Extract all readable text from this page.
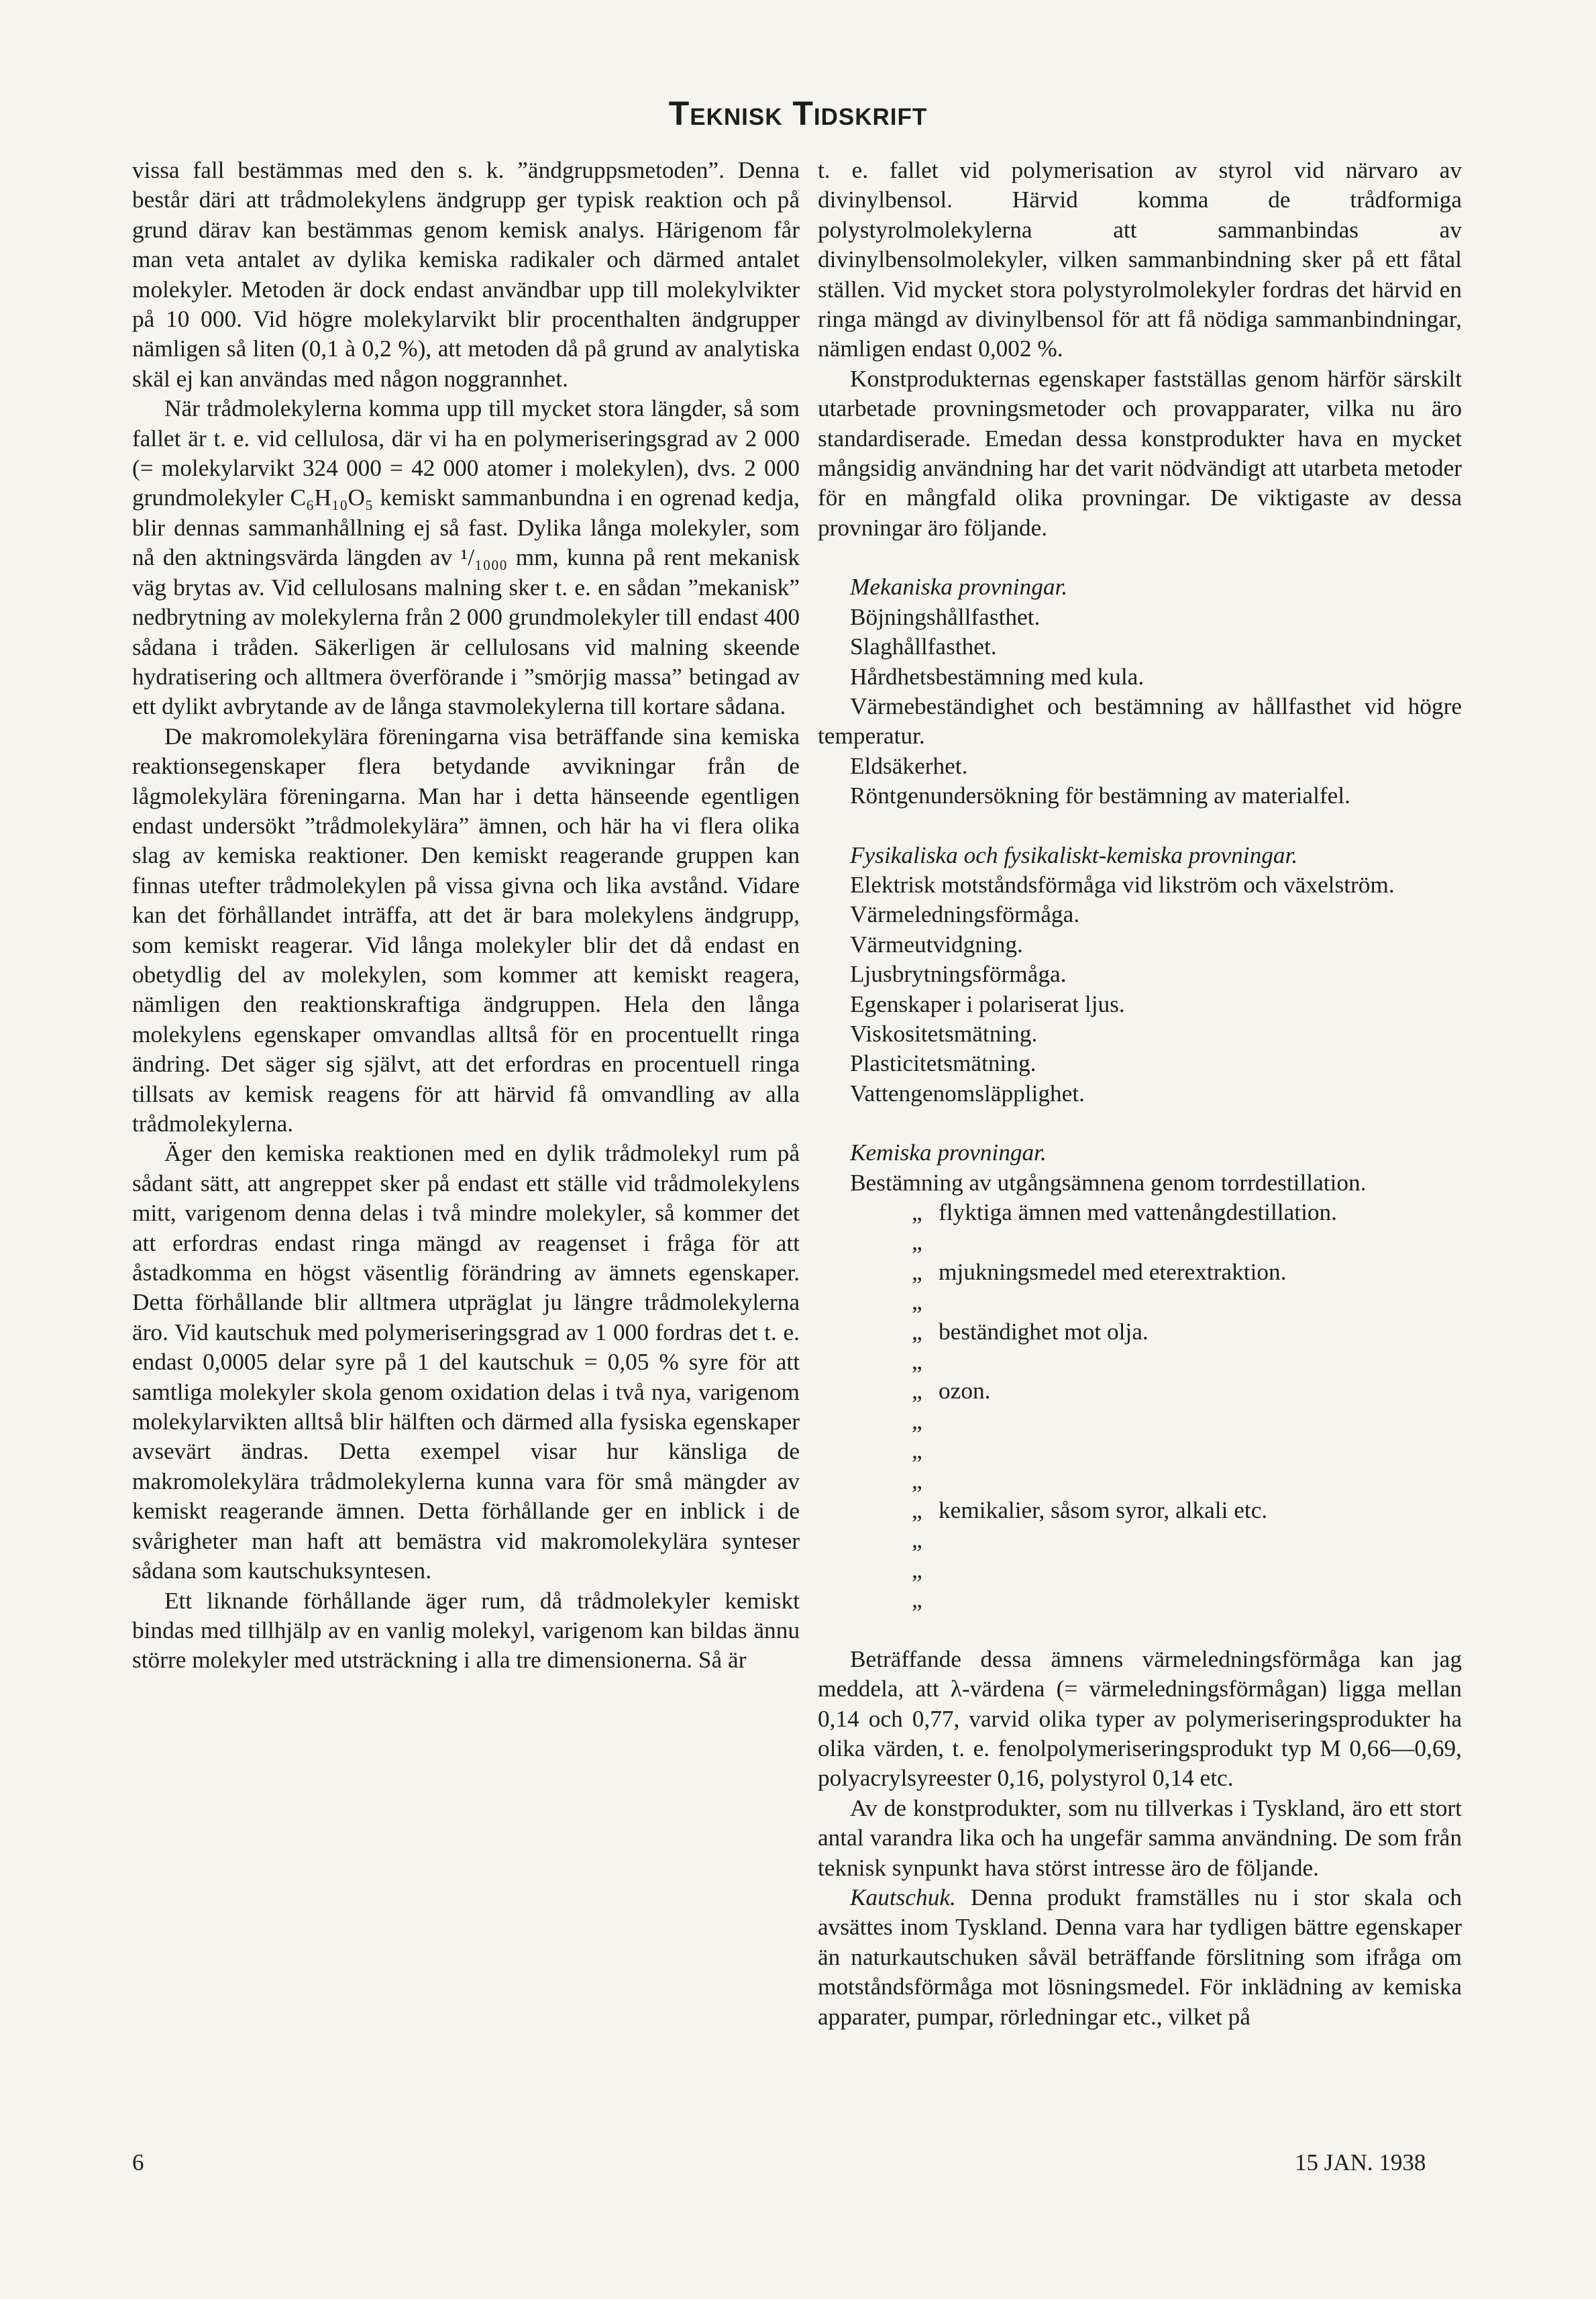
Teknisk Tidskrift

vissa fall bestämmas med den s. k. ”ändgruppsmetoden”. Denna består däri att trådmolekylens ändgrupp ger typisk reaktion och på grund därav kan bestämmas genom kemisk analys. Härigenom får man veta antalet av dylika kemiska radikaler och därmed antalet molekyler. Metoden är dock endast användbar upp till molekylvikter på 10 000. Vid högre molekylarvikt blir procenthalten ändgrupper nämligen så liten (0,1 à 0,2 %), att metoden då på grund av analytiska skäl ej kan användas med någon noggrannhet.

När trådmolekylerna komma upp till mycket stora längder, så som fallet är t. e. vid cellulosa, där vi ha en polymeriseringsgrad av 2 000 (= molekylarvikt 324 000 = 42 000 atomer i molekylen), dvs. 2 000 grundmolekyler C₆H₁₀O₅ kemiskt sammanbundna i en ogrenad kedja, blir dennas sammanhållning ej så fast. Dylika långa molekyler, som nå den aktningsvärda längden av ¹/₁₀₀₀ mm, kunna på rent mekanisk väg brytas av. Vid cellulosans malning sker t. e. en sådan ”mekanisk” nedbrytning av molekylerna från 2 000 grundmolekyler till endast 400 sådana i tråden. Säkerligen är cellulosans vid malning skeende hydratisering och alltmera överförande i ”smörjig massa” betingad av ett dylikt avbrytande av de långa stavmolekylerna till kortare sådana.

De makromolekylära föreningarna visa beträffande sina kemiska reaktionsegenskaper flera betydande avvikningar från de lågmolekylära föreningarna. Man har i detta hänseende egentligen endast undersökt ”trådmolekylära” ämnen, och här ha vi flera olika slag av kemiska reaktioner. Den kemiskt reagerande gruppen kan finnas utefter trådmolekylen på vissa givna och lika avstånd. Vidare kan det förhållandet inträffa, att det är bara molekylens ändgrupp, som kemiskt reagerar. Vid långa molekyler blir det då endast en obetydlig del av molekylen, som kommer att kemiskt reagera, nämligen den reaktionskraftiga ändgruppen. Hela den långa molekylens egenskaper omvandlas alltså för en procentuellt ringa ändring. Det säger sig självt, att det erfordras en procentuell ringa tillsats av kemisk reagens för att härvid få omvandling av alla trådmolekylerna.

Äger den kemiska reaktionen med en dylik trådmolekyl rum på sådant sätt, att angreppet sker på endast ett ställe vid trådmolekylens mitt, varigenom denna delas i två mindre molekyler, så kommer det att erfordras endast ringa mängd av reagenset i fråga för att åstadkomma en högst väsentlig förändring av ämnets egenskaper. Detta förhållande blir alltmera utpräglat ju längre trådmolekylerna äro. Vid kautschuk med polymeriseringsgrad av 1 000 fordras det t. e. endast 0,0005 delar syre på 1 del kautschuk = 0,05 % syre för att samtliga molekyler skola genom oxidation delas i två nya, varigenom molekylarvikten alltså blir hälften och därmed alla fysiska egenskaper avsevärt ändras. Detta exempel visar hur känsliga de makromolekylära trådmolekylerna kunna vara för små mängder av kemiskt reagerande ämnen. Detta förhållande ger en inblick i de svårigheter man haft att bemästra vid makromolekylära synteser sådana som kautschuksyntesen.

Ett liknande förhållande äger rum, då trådmolekyler kemiskt bindas med tillhjälp av en vanlig molekyl, varigenom kan bildas ännu större molekyler med utsträckning i alla tre dimensionerna. Så är

t. e. fallet vid polymerisation av styrol vid närvaro av divinylbensol. Härvid komma de trådformiga polystyrolmolekylerna att sammanbindas av divinylbensolmolekyler, vilken sammanbindning sker på ett fåtal ställen. Vid mycket stora polystyrolmolekyler fordras det härvid en ringa mängd av divinylbensol för att få nödiga sammanbindningar, nämligen endast 0,002 %.

Konstprodukternas egenskaper fastställas genom härför särskilt utarbetade provningsmetoder och provapparater, vilka nu äro standardiserade. Emedan dessa konstprodukter hava en mycket mångsidig användning har det varit nödvändigt att utarbeta metoder för en mångfald olika provningar. De viktigaste av dessa provningar äro följande.

Mekaniska provningar.

Böjningshållfasthet.

Slaghållfasthet.

Hårdhetsbestämning med kula.

Värmebeständighet och bestämning av hållfasthet vid högre temperatur.

Eldsäkerhet.

Röntgenundersökning för bestämning av materialfel.

Fysikaliska och fysikaliskt-kemiska provningar.

Elektrisk motståndsförmåga vid likström och växelström.

Värmeledningsförmåga.

Värmeutvidgning.

Ljusbrytningsförmåga.

Egenskaper i polariserat ljus.

Viskositetsmätning.

Plasticitetsmätning.

Vattengenomsläpplighet.

Kemiska provningar.

Bestämning av utgångsämnena genom torrdestillation.

„ „
flyktiga ämnen med vattenångdestillation.
„ „
mjukningsmedel med eterextraktion.
„ „
beständighet mot olja.
„ „ „ „
ozon.
„ „ „ „
kemikalier, såsom syror, alkali etc.

Beträffande dessa ämnens värmeledningsförmåga kan jag meddela, att λ-värdena (= värmeledningsförmågan) ligga mellan 0,14 och 0,77, varvid olika typer av polymeriseringsprodukter ha olika värden, t. e. fenolpolymeriseringsprodukt typ M 0,66—0,69, polyacrylsyreester 0,16, polystyrol 0,14 etc.

Av de konstprodukter, som nu tillverkas i Tyskland, äro ett stort antal varandra lika och ha ungefär samma användning. De som från teknisk synpunkt hava störst intresse äro de följande.

Kautschuk. Denna produkt framställes nu i stor skala och avsättes inom Tyskland. Denna vara har tydligen bättre egenskaper än naturkautschuken såväl beträffande förslitning som ifråga om motståndsförmåga mot lösningsmedel. För inklädning av kemiska apparater, pumpar, rörledningar etc., vilket på

6	15 JAN. 1938
